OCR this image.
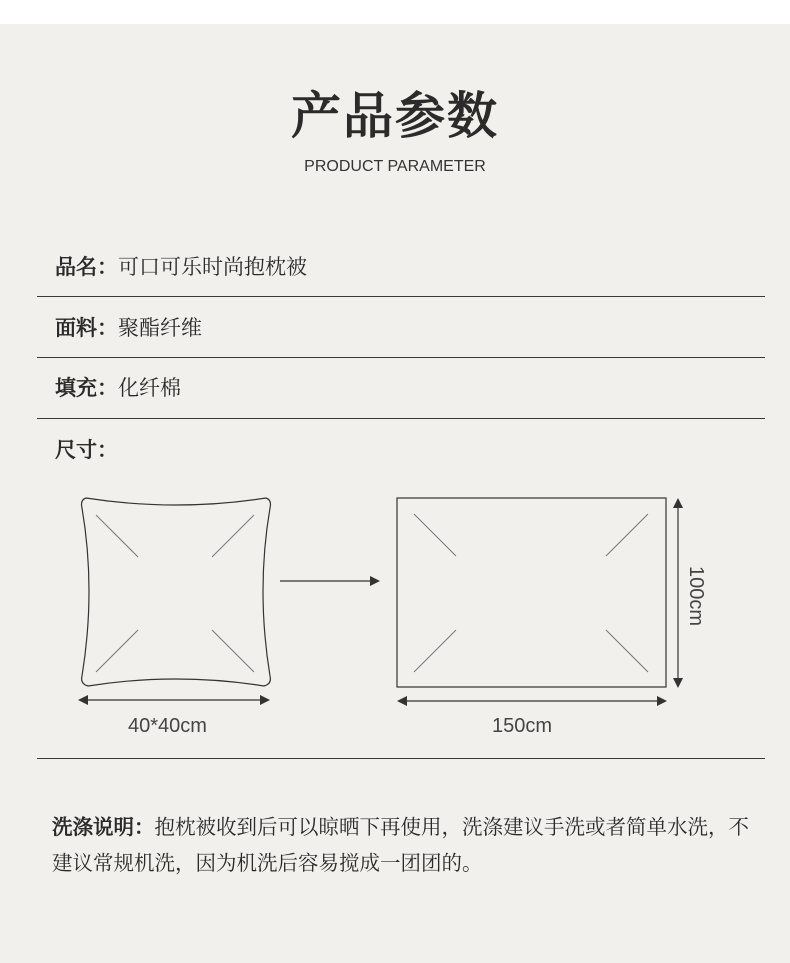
产品参数
PRODUCT PARAMETER
品名：可口可乐时尚抱枕被
面料：聚酯纤维
填充：化纤棉
尺寸：
40*40cm	150cm
100cm
洗涤说明：抱枕被收到后可以晾晒下再使用，洗涤建议手洗或者简单水洗，不建议常规机洗，因为机洗后容易搅成一团团的。
